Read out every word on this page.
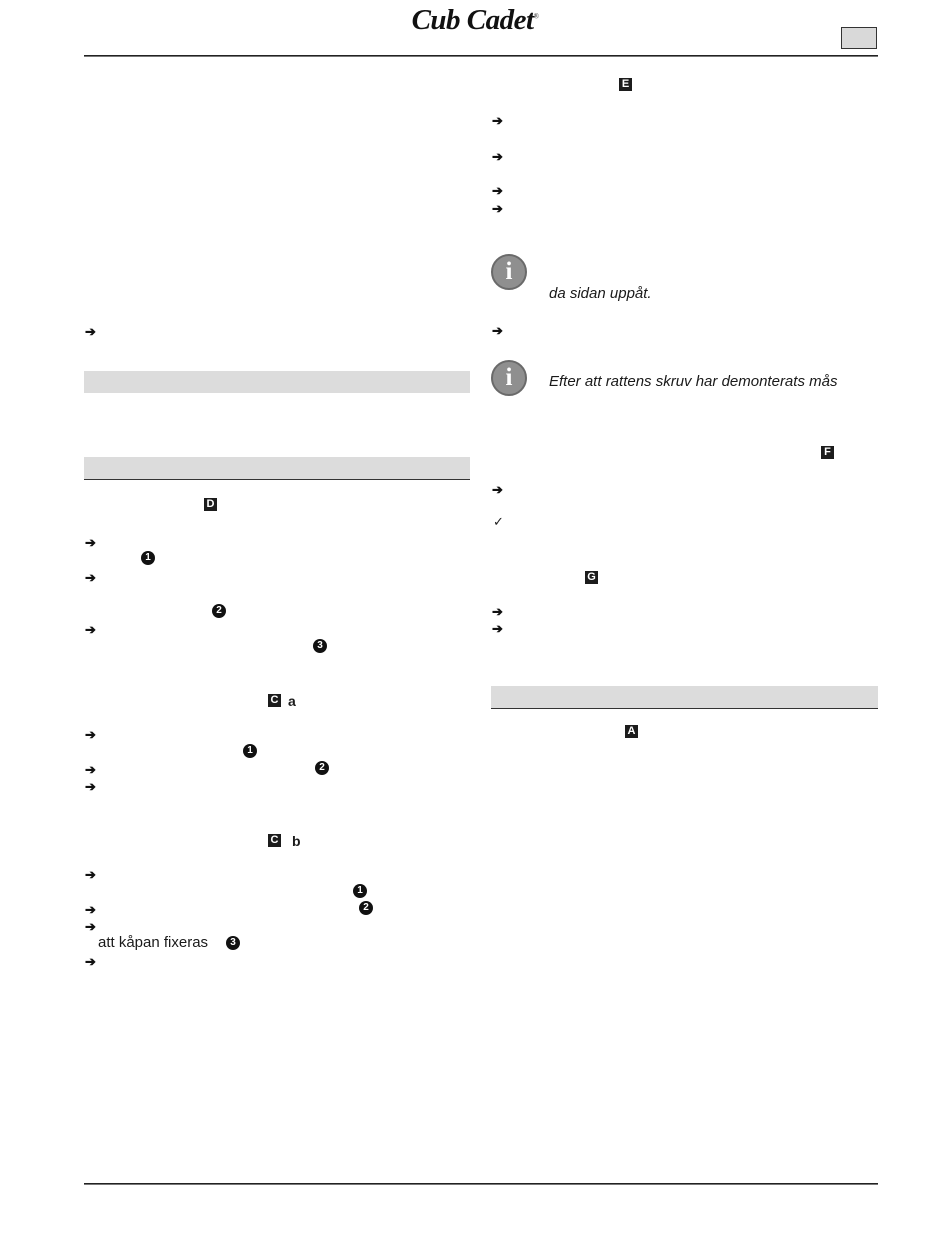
Cub Cadet®
➔
D
➔
1
➔
2
➔
3
C a
➔
1
➔	2
➔
C b
➔
1
➔	2
➔
att kåpan fixeras	3
➔
E
➔
➔
➔
➔
i
da sidan uppåt.
➔
i	Efter att rattens skruv har demonterats mås
F
➔
✓
G
➔
➔
A
